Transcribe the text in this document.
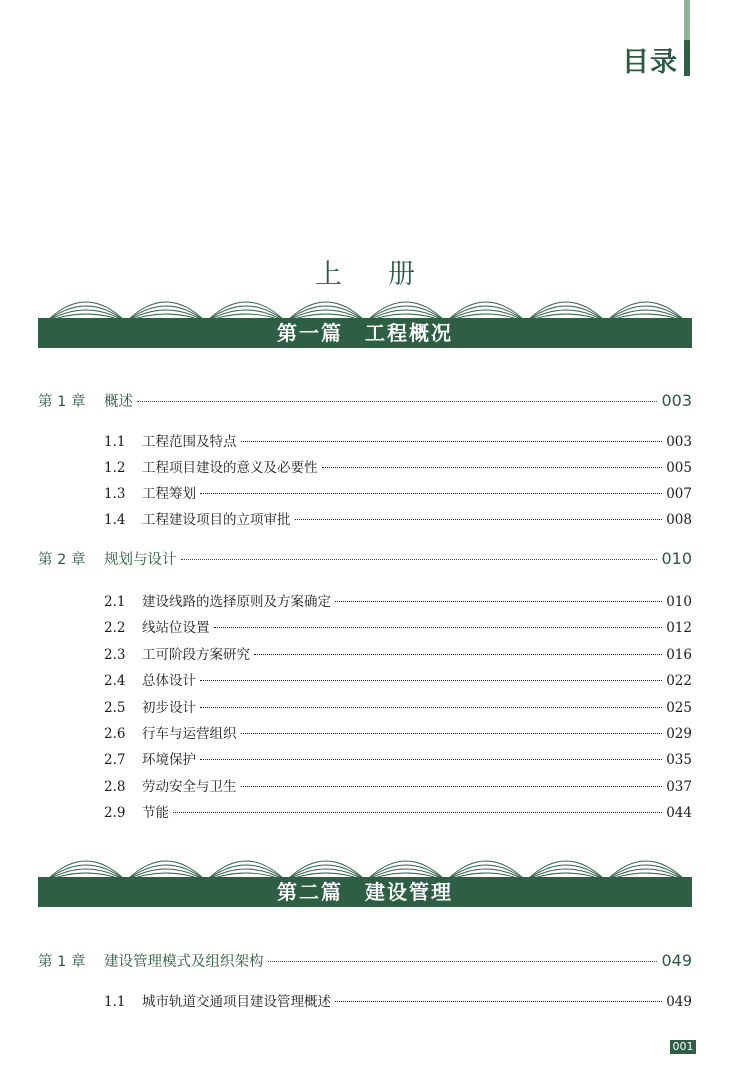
目录
上册
第一篇 工程概况
第 1 章	概述	003
1.1	工程范围及特点	003
1.2	工程项目建设的意义及必要性	005
1.3	工程筹划	007
1.4	工程建设项目的立项审批	008
第 2 章	规划与设计	010
2.1	建设线路的选择原则及方案确定	010
2.2	线站位设置	012
2.3	工可阶段方案研究	016
2.4	总体设计	022
2.5	初步设计	025
2.6	行车与运营组织	029
2.7	环境保护	035
2.8	劳动安全与卫生	037
2.9	节能	044
第二篇 建设管理
第 1 章	建设管理模式及组织架构	049
1.1	城市轨道交通项目建设管理概述	049
001
